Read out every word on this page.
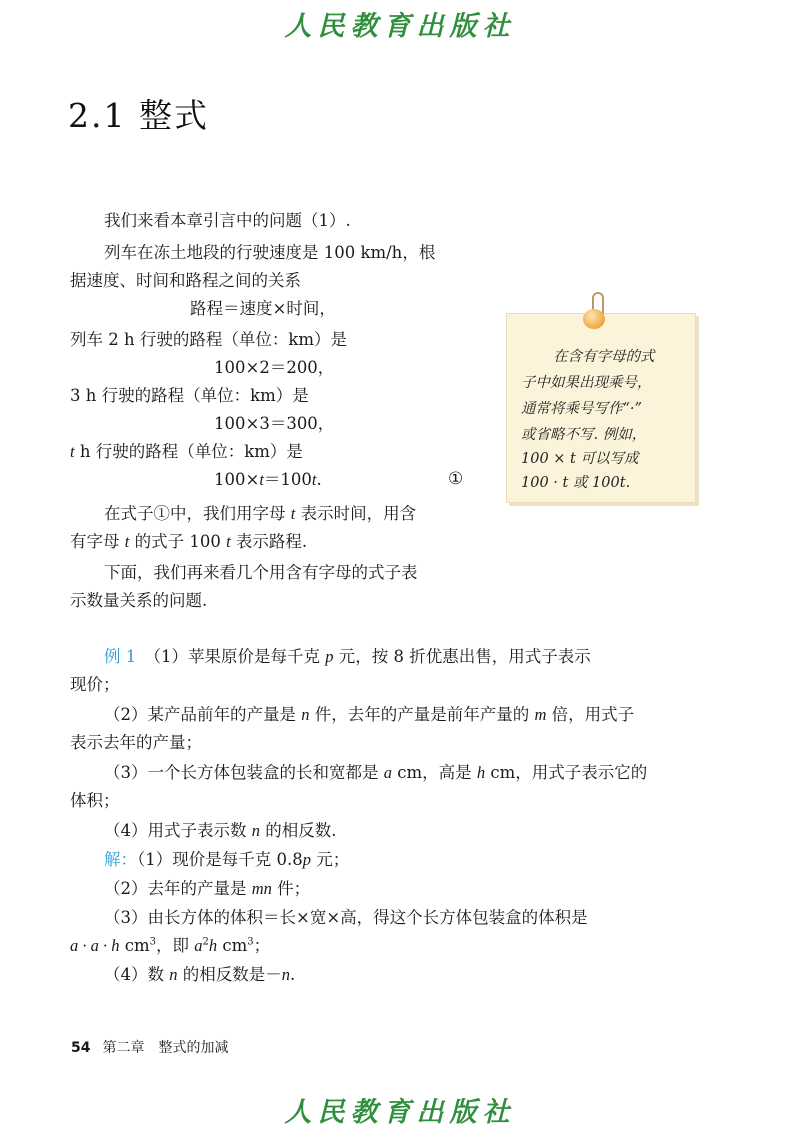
人民教育出版社
2.1 整式
我们来看本章引言中的问题（1）.
列车在冻土地段的行驶速度是 100 km/h，根
据速度、时间和路程之间的关系
路程＝速度×时间，
列车 2 h 行驶的路程（单位：km）是
100×2＝200，
3 h 行驶的路程（单位：km）是
100×3＝300，
t h 行驶的路程（单位：km）是
100×t＝100t.	①
在式子①中，我们用字母 t 表示时间，用含
有字母 t 的式子 100 t 表示路程.
下面，我们再来看几个用含有字母的式子表
示数量关系的问题.
在含有字母的式
子中如果出现乘号，
通常将乘号写作“·”
或省略不写. 例如，
100 × t 可以写成
100 · t 或 100t.
例 1　 （1）苹果原价是每千克 p 元，按 8 折优惠出售，用式子表示
现价；
（2）某产品前年的产量是 n 件，去年的产量是前年产量的 m 倍，用式子
表示去年的产量；
（3）一个长方体包装盒的长和宽都是 a cm，高是 h cm，用式子表示它的
体积；
（4）用式子表示数 n 的相反数.
解：（1）现价是每千克 0.8p 元；
（2）去年的产量是 mn 件；
（3）由长方体的体积＝长×宽×高，得这个长方体包装盒的体积是
a · a · h $cm^3$，即 $a^2h$ $cm^3$；
（4）数 n 的相反数是－n.
54 第二章　整式的加减
人民教育出版社
